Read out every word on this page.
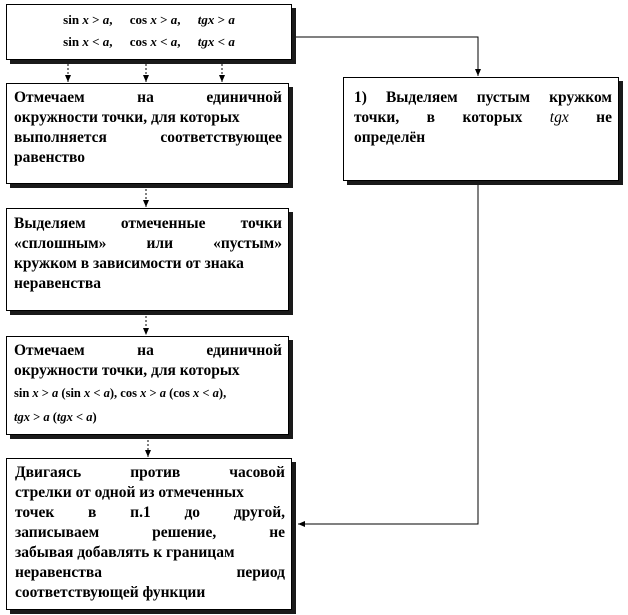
sin x > a, cos x > a, tgx > a
sin x < a, cos x < a, tgx < a
Отмечаем	на	единичной
окружности точки, для которых
выполняется	соответствующее
равенство
Выделяем отмеченные точки
«сплошным»	или	«пустым»
кружком в зависимости от знака
неравенства
Отмечаем	на	единичной
окружности точки, для которых
sin x > a (sin x < a), cos x > a (cos x < a),
tgx > a (tgx < a)
Двигаясь	против	часовой
стрелки от одной из отмеченных
точек в п.1 до другой,
записываем	решение,	не
забывая добавлять к границам
неравенства	период
соответствующей функции
1) Выделяем пустым кружком
точки, в которых tgx не
определён
